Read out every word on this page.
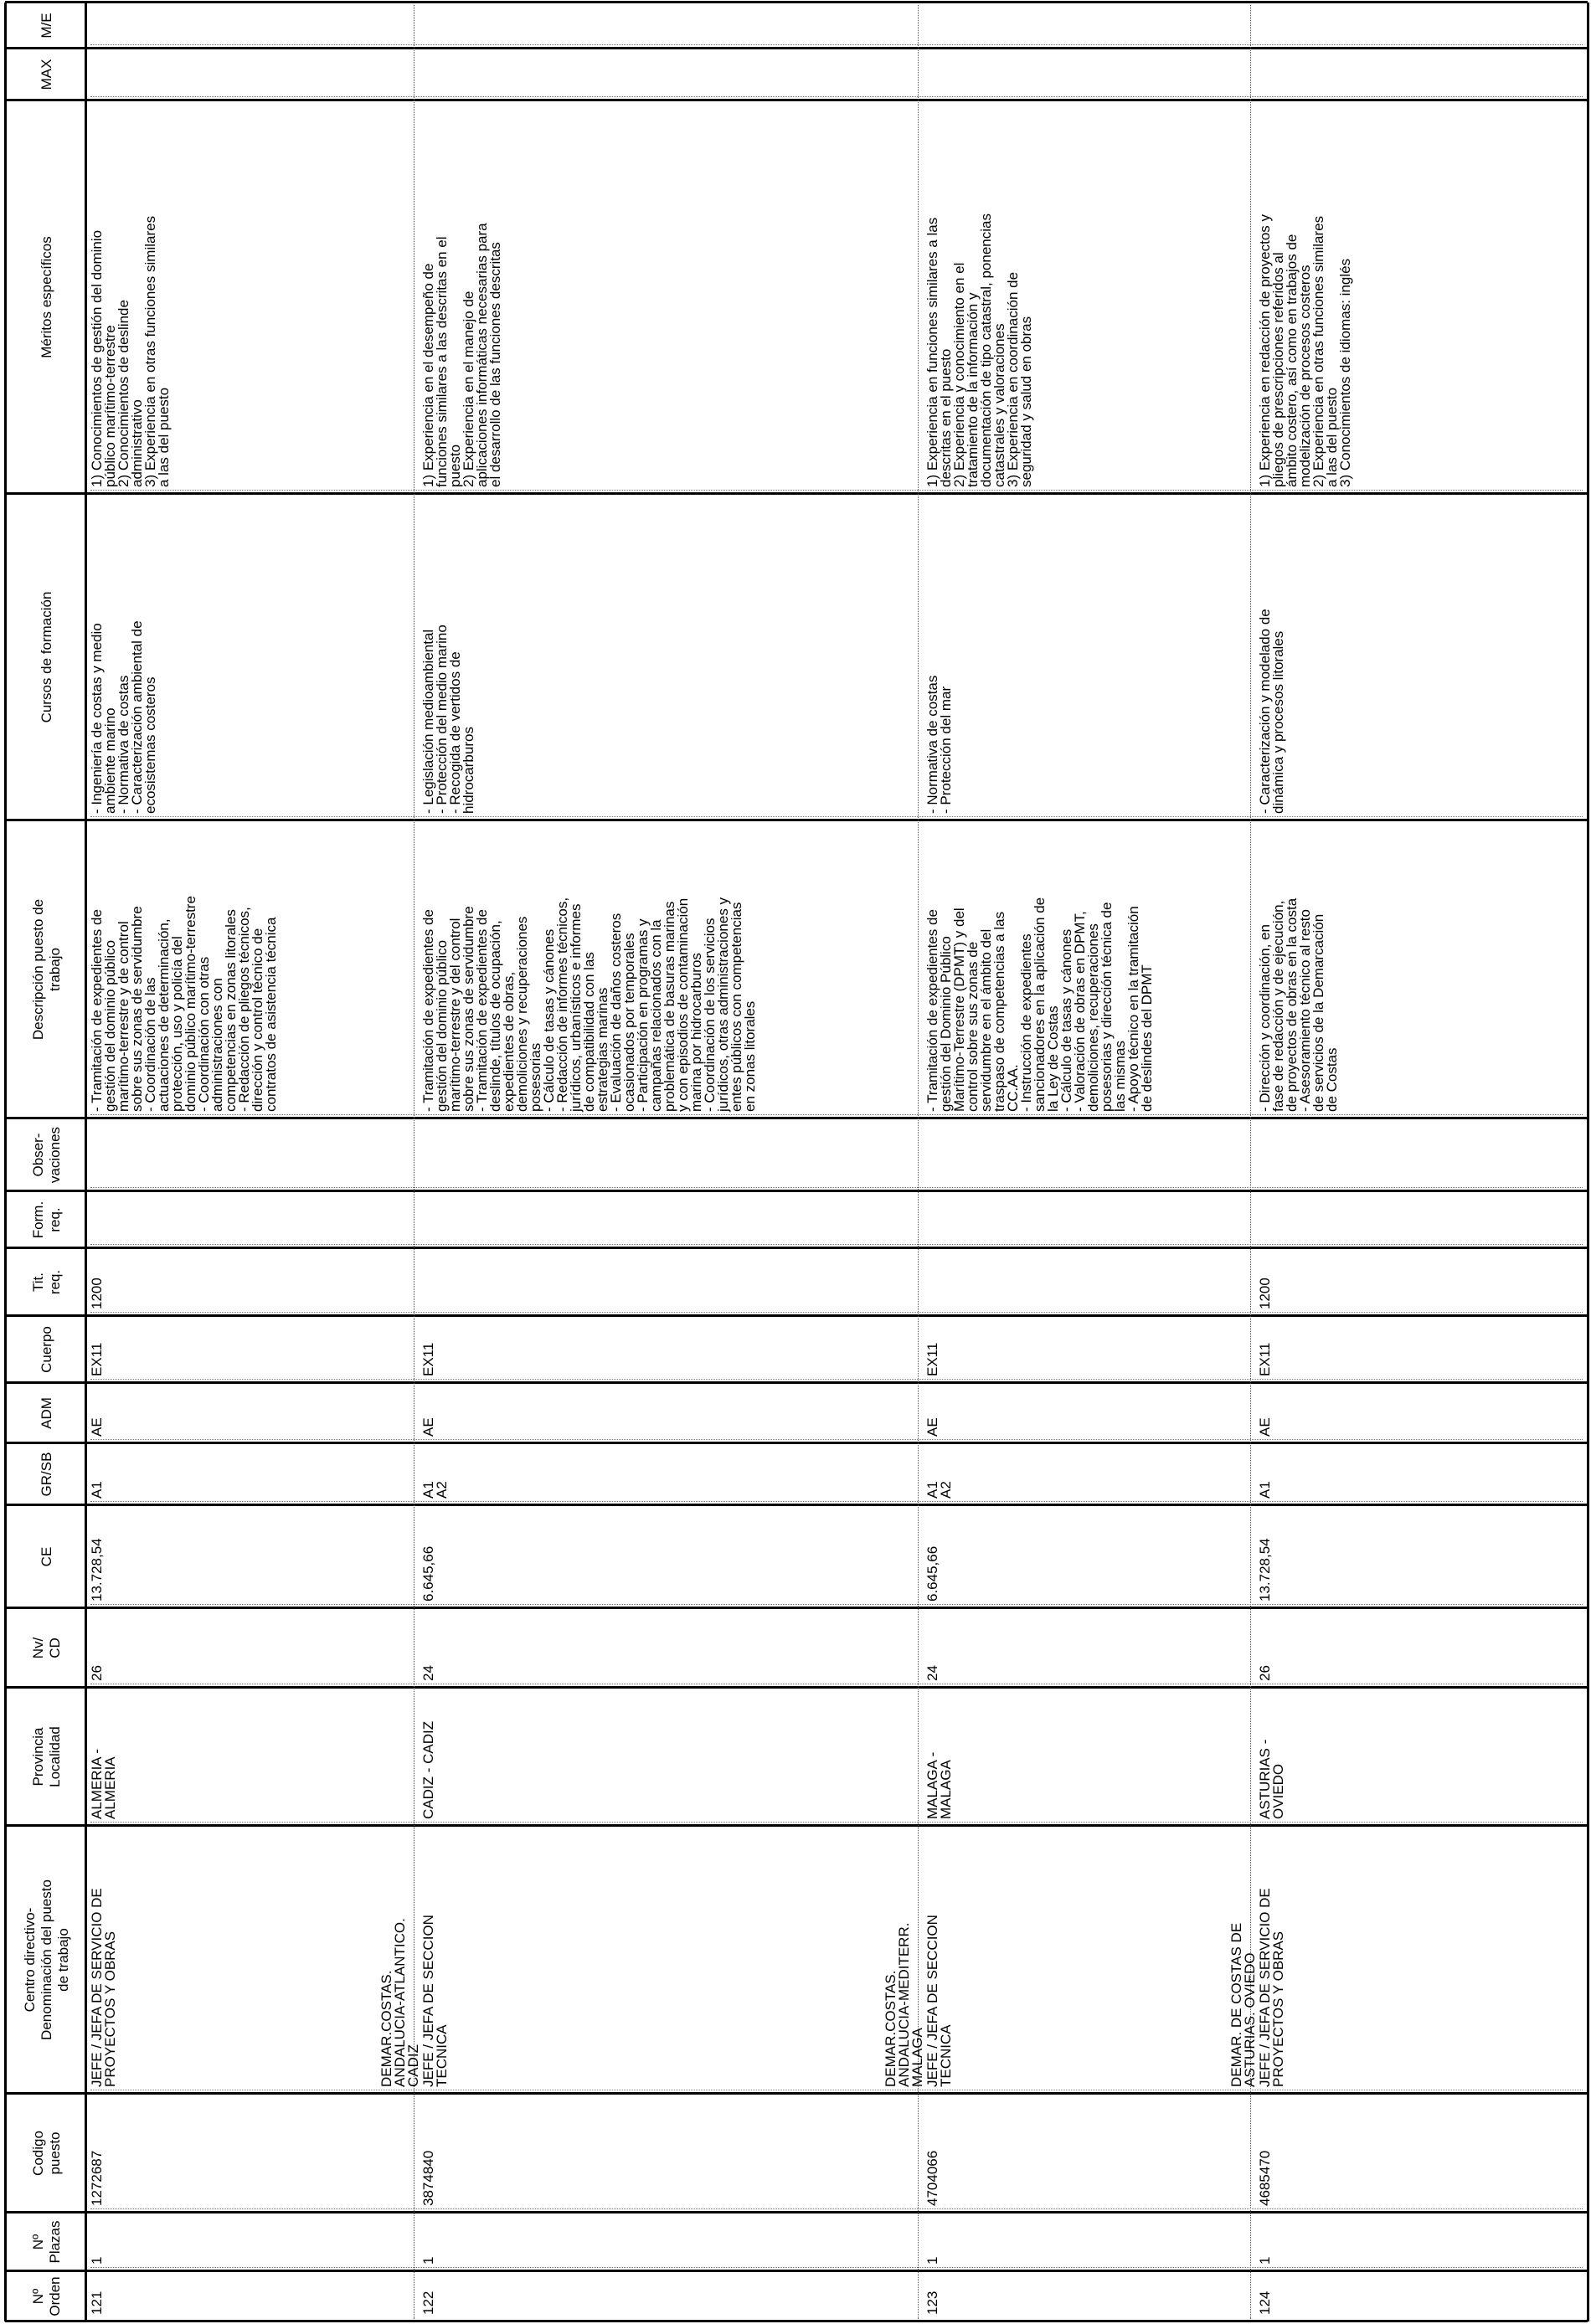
Nº
Orden
Nº
Plazas
Codigo
puesto
Centro directivo-
Denominación del puesto
de trabajo
Provincia
Localidad
Nv/
CD
CE
GR/SB
ADM
Cuerpo
Tit.
req.
Form.
req.
Obser-
vaciones
Descripción puesto de
trabajo
Cursos de formación
Méritos específicos
MAX
M/E
121
1
1272687
JEFE / JEFA DE SERVICIO DE
PROYECTOS Y OBRAS
ALMERIA -
ALMERIA
26
13.728,54
A1
AE
EX11
1200
- Tramitación de expedientes de
gestión del dominio público
marítimo-terrestre y de control
sobre sus zonas de servidumbre
- Coordinación de las
actuaciones de determinación,
protección, uso y policía del
dominio público marítimo-terrestre
- Coordinación con otras
administraciones con
competencias en zonas litorales
- Redacción de pliegos técnicos,
dirección y control técnico de
contratos de asistencia técnica
- Ingeniería de costas y medio
ambiente marino
- Normativa de costas
- Caracterización ambiental de
ecosistemas costeros
1) Conocimientos de gestión del dominio
público marítimo-terrestre
2) Conocimientos de deslinde
administrativo
3) Experiencia en otras funciones similares
a las del puesto
122
1
3874840
DEMAR.COSTAS.
ANDALUCIA-ATLANTICO.
CADIZ JEFE / JEFA DE SECCION
TECNICA
CADIZ - CADIZ
24
6.645,66
A1
A2
AE
EX11
- Tramitación de expedientes de
gestión del dominio público
marítimo-terrestre y del control
sobre sus zonas de servidumbre
- Tramitación de expedientes de
deslinde, títulos de ocupación,
expedientes de obras,
demoliciones y recuperaciones
posesorias
- Cálculo de tasas y cánones
- Redacción de informes técnicos,
jurídicos, urbanísticos e informes
de compatibilidad con las
estrategias marinas
- Evaluación de daños costeros
ocasionados por temporales
- Participación en programas y
campañas relacionados con la
problemática de basuras marinas
y con episodios de contaminación
marina por hidrocarburos
- Coordinación de los servicios
jurídicos, otras administraciones y
entes públicos con competencias
en zonas litorales
- Legislación medioambiental
- Protección del medio marino
- Recogida de vertidos de
hidrocarburos
1) Experiencia en el desempeño de
funciones similares a las descritas en el
puesto
2) Experiencia en el manejo de
aplicaciones informáticas necesarias para
el desarrollo de las funciones descritas
123
1
4704066
DEMAR.COSTAS.
ANDALUCIA-MEDITERR.
MALAGA JEFE / JEFA DE SECCION
TECNICA
MALAGA -
MALAGA
24
6.645,66
A1
A2
AE
EX11
- Tramitación de expedientes de
gestión del Dominio Público
Marítimo-Terrestre (DPMT) y del
control sobre sus zonas de
servidumbre en el ámbito del
traspaso de competencias a las
CC.AA.
- Instrucción de expedientes
sancionadores en la aplicación de
la Ley de Costas
- Cálculo de tasas y cánones
- Valoración de obras en DPMT,
demoliciones, recuperaciones
posesorias y dirección técnica de
las mismas
- Apoyo técnico en la tramitación
de deslindes del DPMT
- Normativa de costas
- Protección del mar
1) Experiencia en funciones similares a las
descritas en el puesto
2) Experiencia y conocimiento en el
tratamiento de la información y
documentación de tipo catastral, ponencias
catastrales y valoraciones
3) Experiencia en coordinación de
seguridad y salud en obras
124
1
4685470
DEMAR. DE COSTAS DE
ASTURIAS. OVIEDO
JEFE / JEFA DE SERVICIO DE
PROYECTOS Y OBRAS
ASTURIAS -
OVIEDO
26
13.728,54
A1
AE
EX11
1200
- Dirección y coordinación, en
fase de redacción y de ejecución,
de proyectos de obras en la costa
- Asesoramiento técnico al resto
de servicios de la Demarcación
de Costas
- Caracterización y modelado de
dinámica y procesos litorales
1) Experiencia en redacción de proyectos y
pliegos de prescripciones referidos al
ámbito costero, así como en trabajos de
modelización de procesos costeros
2) Experiencia en otras funciones similares
a las del puesto
3) Conocimientos de idiomas: inglés
